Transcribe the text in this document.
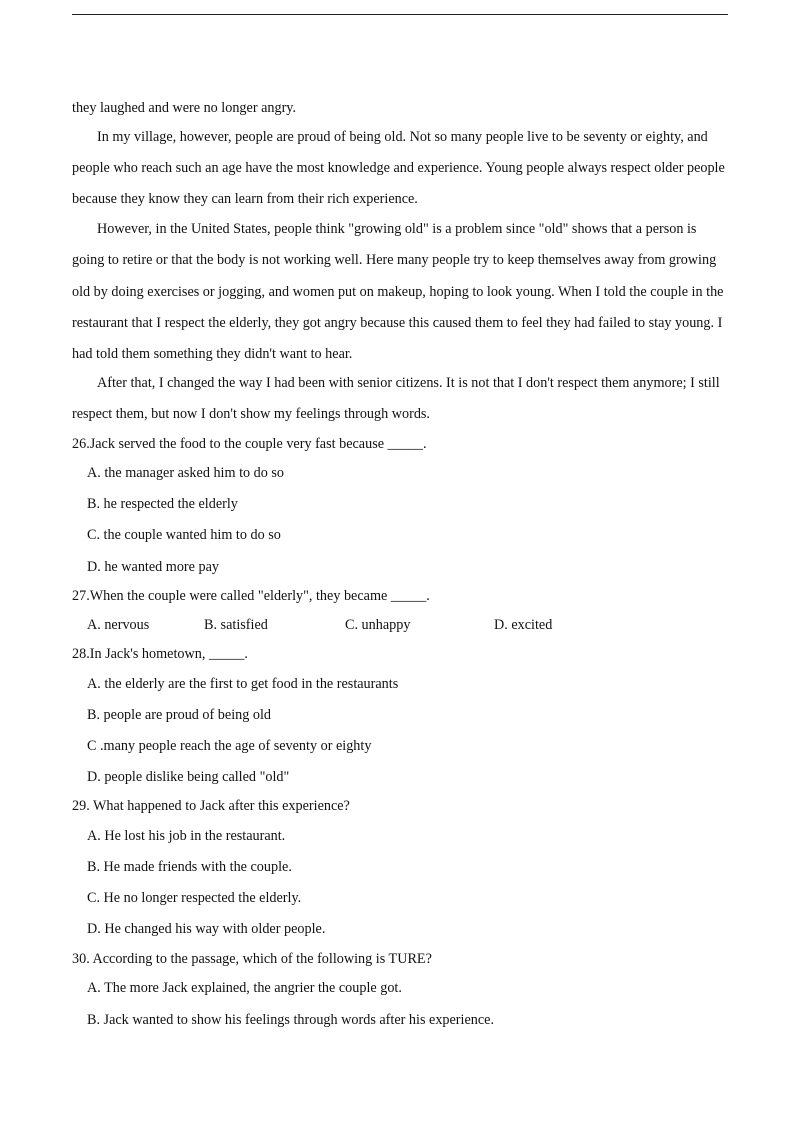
they laughed and were no longer angry.
In my village, however, people are proud of being old. Not so many people live to be seventy or eighty, and
people who reach such an age have the most knowledge and experience. Young people always respect older people
because they know they can learn from their rich experience.
However, in the United States, people think "growing old" is a problem since "old" shows that a person is
going to retire or that the body is not working well. Here many people try to keep themselves away from growing
old by doing exercises or jogging, and women put on makeup, hoping to look young. When I told the couple in the
restaurant that I respect the elderly, they got angry because this caused them to feel they had failed to stay young. I
had told them something they didn't want to hear.
After that, I changed the way I had been with senior citizens. It is not that I don't respect them anymore; I still
respect them, but now I don't show my feelings through words.
26.Jack served the food to the couple very fast because _____.
A. the manager asked him to do so
B. he respected the elderly
C. the couple wanted him to do so
D. he wanted more pay
27.When the couple were called "elderly", they became _____.
A. nervous	B. satisfied	C. unhappy	D. excited
28.In Jack's hometown, _____.
A. the elderly are the first to get food in the restaurants
B. people are proud of being old
C .many people reach the age of seventy or eighty
D. people dislike being called "old"
29. What happened to Jack after this experience?
A. He lost his job in the restaurant.
B. He made friends with the couple.
C. He no longer respected the elderly.
D. He changed his way with older people.
30. According to the passage, which of the following is TURE?
A. The more Jack explained, the angrier the couple got.
B. Jack wanted to show his feelings through words after his experience.
